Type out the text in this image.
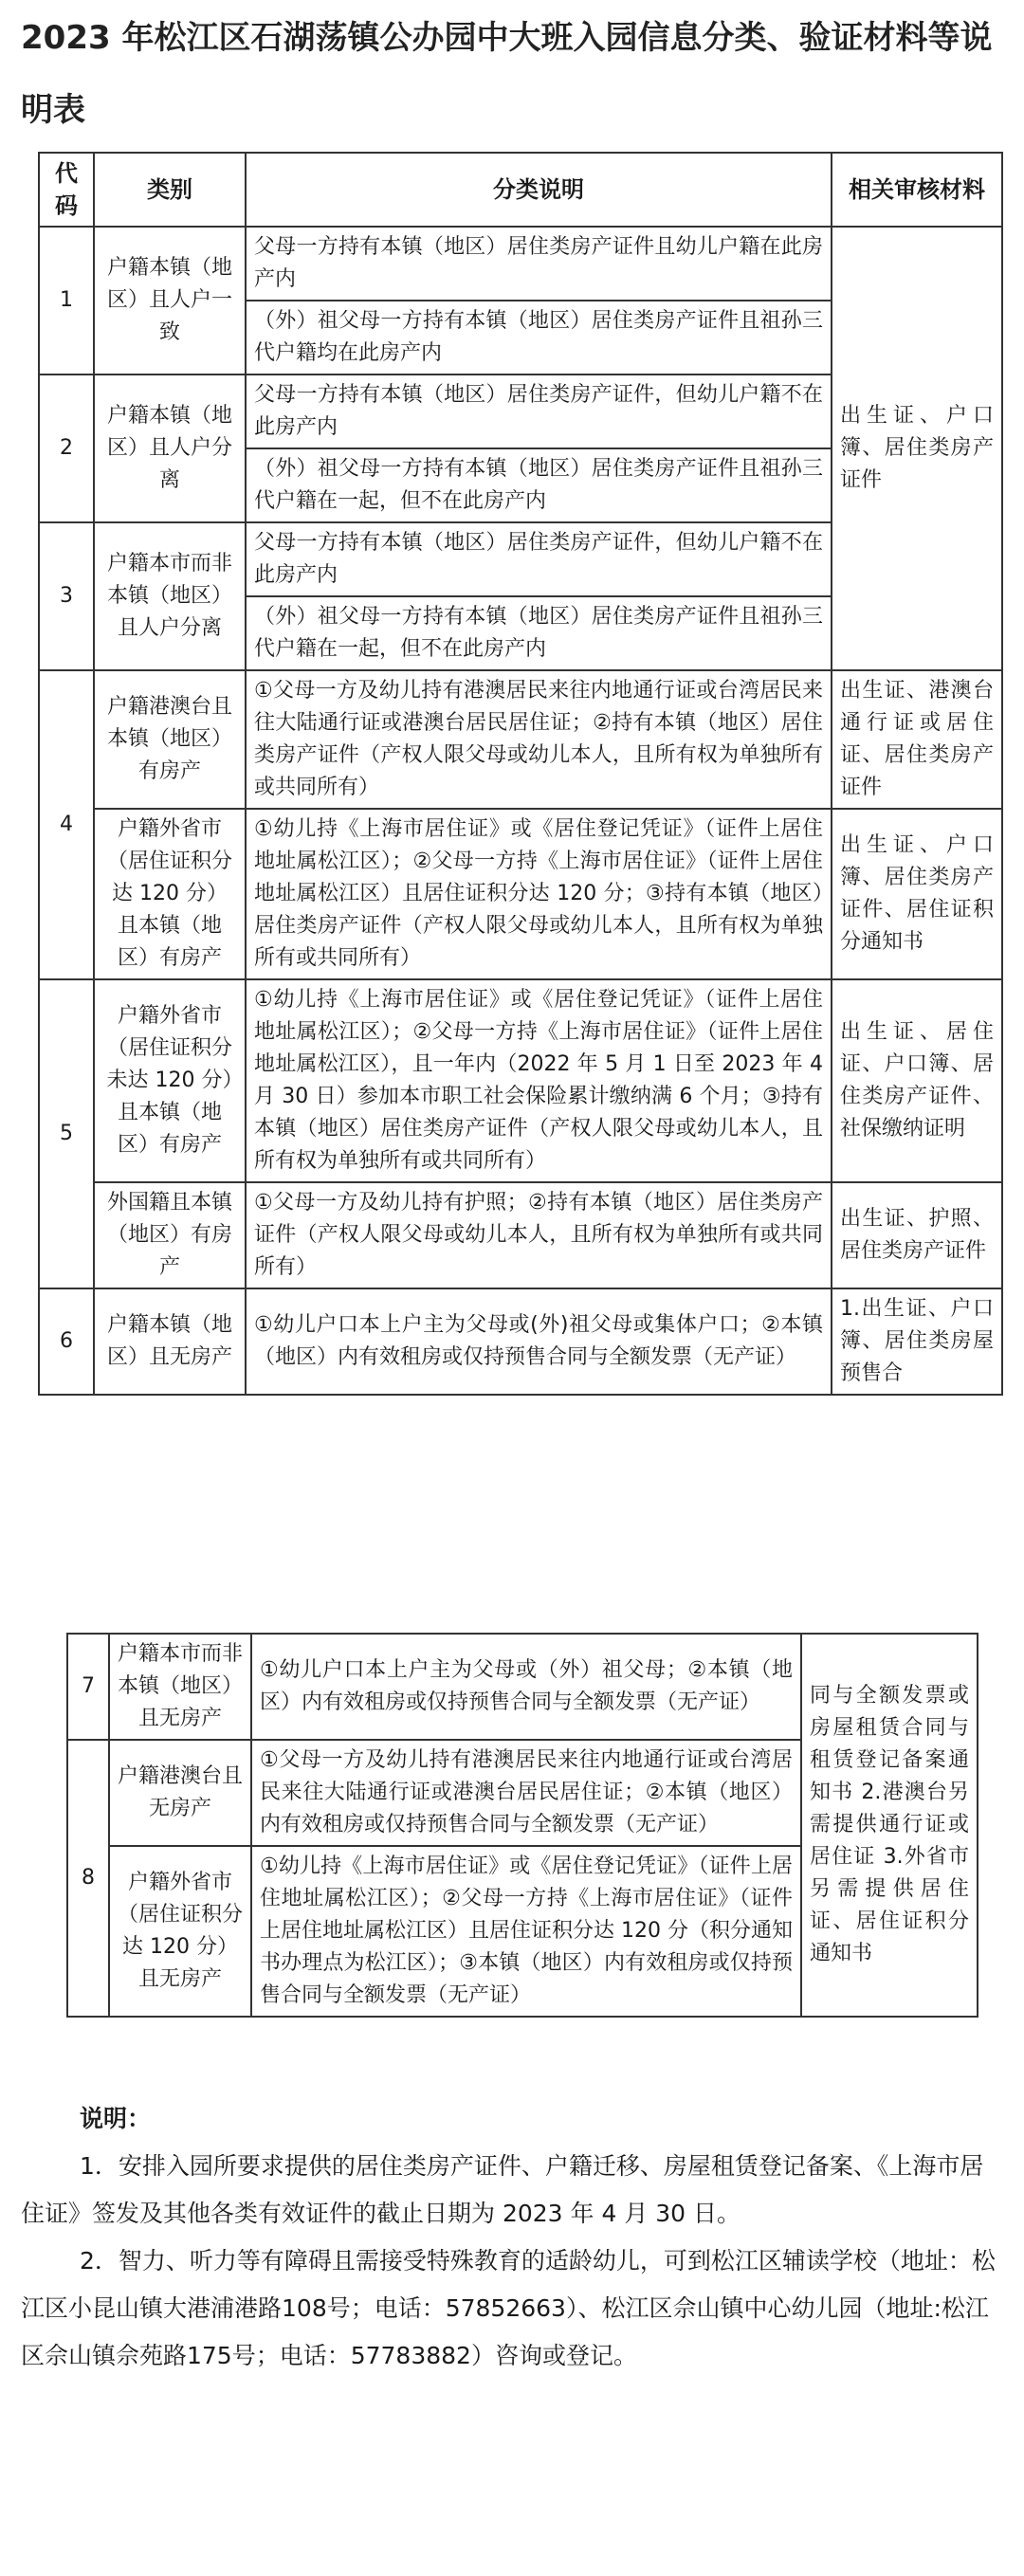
2023 年松江区石湖荡镇公办园中大班入园信息分类、验证材料等说明表
代码	类别	分类说明	相关审核材料
1	户籍本镇（地区）且人户一致	父母一方持有本镇（地区）居住类房产证件且幼儿户籍在此房产内	出生证、户口簿、居住类房产证件
		（外）祖父母一方持有本镇（地区）居住类房产证件且祖孙三代户籍均在此房产内	
2	户籍本镇（地区）且人户分离	父母一方持有本镇（地区）居住类房产证件，但幼儿户籍不在此房产内	
		（外）祖父母一方持有本镇（地区）居住类房产证件且祖孙三代户籍在一起，但不在此房产内	
3	户籍本市而非本镇（地区）且人户分离	父母一方持有本镇（地区）居住类房产证件，但幼儿户籍不在此房产内	
		（外）祖父母一方持有本镇（地区）居住类房产证件且祖孙三代户籍在一起，但不在此房产内	
4	户籍港澳台且本镇（地区）有房产	①父母一方及幼儿持有港澳居民来往内地通行证或台湾居民来往大陆通行证或港澳台居民居住证；②持有本镇（地区）居住类房产证件（产权人限父母或幼儿本人，且所有权为单独所有或共同所有）	出生证、港澳台通行证或居住证、居住类房产证件
	户籍外省市（居住证积分达 120 分）且本镇（地区）有房产	①幼儿持《上海市居住证》或《居住登记凭证》（证件上居住地址属松江区）；②父母一方持《上海市居住证》（证件上居住地址属松江区）且居住证积分达 120 分；③持有本镇（地区）居住类房产证件（产权人限父母或幼儿本人，且所有权为单独所有或共同所有）	出生证、户口簿、居住类房产证件、居住证积分通知书
5	户籍外省市（居住证积分未达 120 分）且本镇（地区）有房产	①幼儿持《上海市居住证》或《居住登记凭证》（证件上居住地址属松江区）；②父母一方持《上海市居住证》（证件上居住地址属松江区），且一年内（2022 年 5 月 1 日至 2023 年 4 月 30 日）参加本市职工社会保险累计缴纳满 6 个月；③持有本镇（地区）居住类房产证件（产权人限父母或幼儿本人，且所有权为单独所有或共同所有）	出生证、居住证、户口簿、居住类房产证件、社保缴纳证明
	外国籍且本镇（地区）有房产	①父母一方及幼儿持有护照；②持有本镇（地区）居住类房产证件（产权人限父母或幼儿本人，且所有权为单独所有或共同所有）	出生证、护照、居住类房产证件
6	户籍本镇（地区）且无房产	①幼儿户口本上户主为父母或(外)祖父母或集体户口；②本镇（地区）内有效租房或仅持预售合同与全额发票（无产证）	1.出生证、户口簿、居住类房屋预售合
7	户籍本市而非本镇（地区）且无房产	①幼儿户口本上户主为父母或（外）祖父母；②本镇（地区）内有效租房或仅持预售合同与全额发票（无产证）	同与全额发票或房屋租赁合同与租赁登记备案通知书 2.港澳台另需提供通行证或居住证 3.外省市另需提供居住证、居住证积分通知书
8	户籍港澳台且无房产	①父母一方及幼儿持有港澳居民来往内地通行证或台湾居民来往大陆通行证或港澳台居民居住证；②本镇（地区）内有效租房或仅持预售合同与全额发票（无产证）	
	户籍外省市（居住证积分达 120 分）且无房产	①幼儿持《上海市居住证》或《居住登记凭证》（证件上居住地址属松江区）；②父母一方持《上海市居住证》（证件上居住地址属松江区）且居住证积分达 120 分（积分通知书办理点为松江区）；③本镇（地区）内有效租房或仅持预售合同与全额发票（无产证）	
说明：
1．安排入园所要求提供的居住类房产证件、户籍迁移、房屋租赁登记备案、《上海市居住证》签发及其他各类有效证件的截止日期为 2023 年 4 月 30 日。
2．智力、听力等有障碍且需接受特殊教育的适龄幼儿，可到松江区辅读学校（地址：松江区小昆山镇大港浦港路108号；电话：57852663）、松江区佘山镇中心幼儿园（地址:松江区佘山镇佘苑路175号；电话：57783882）咨询或登记。
